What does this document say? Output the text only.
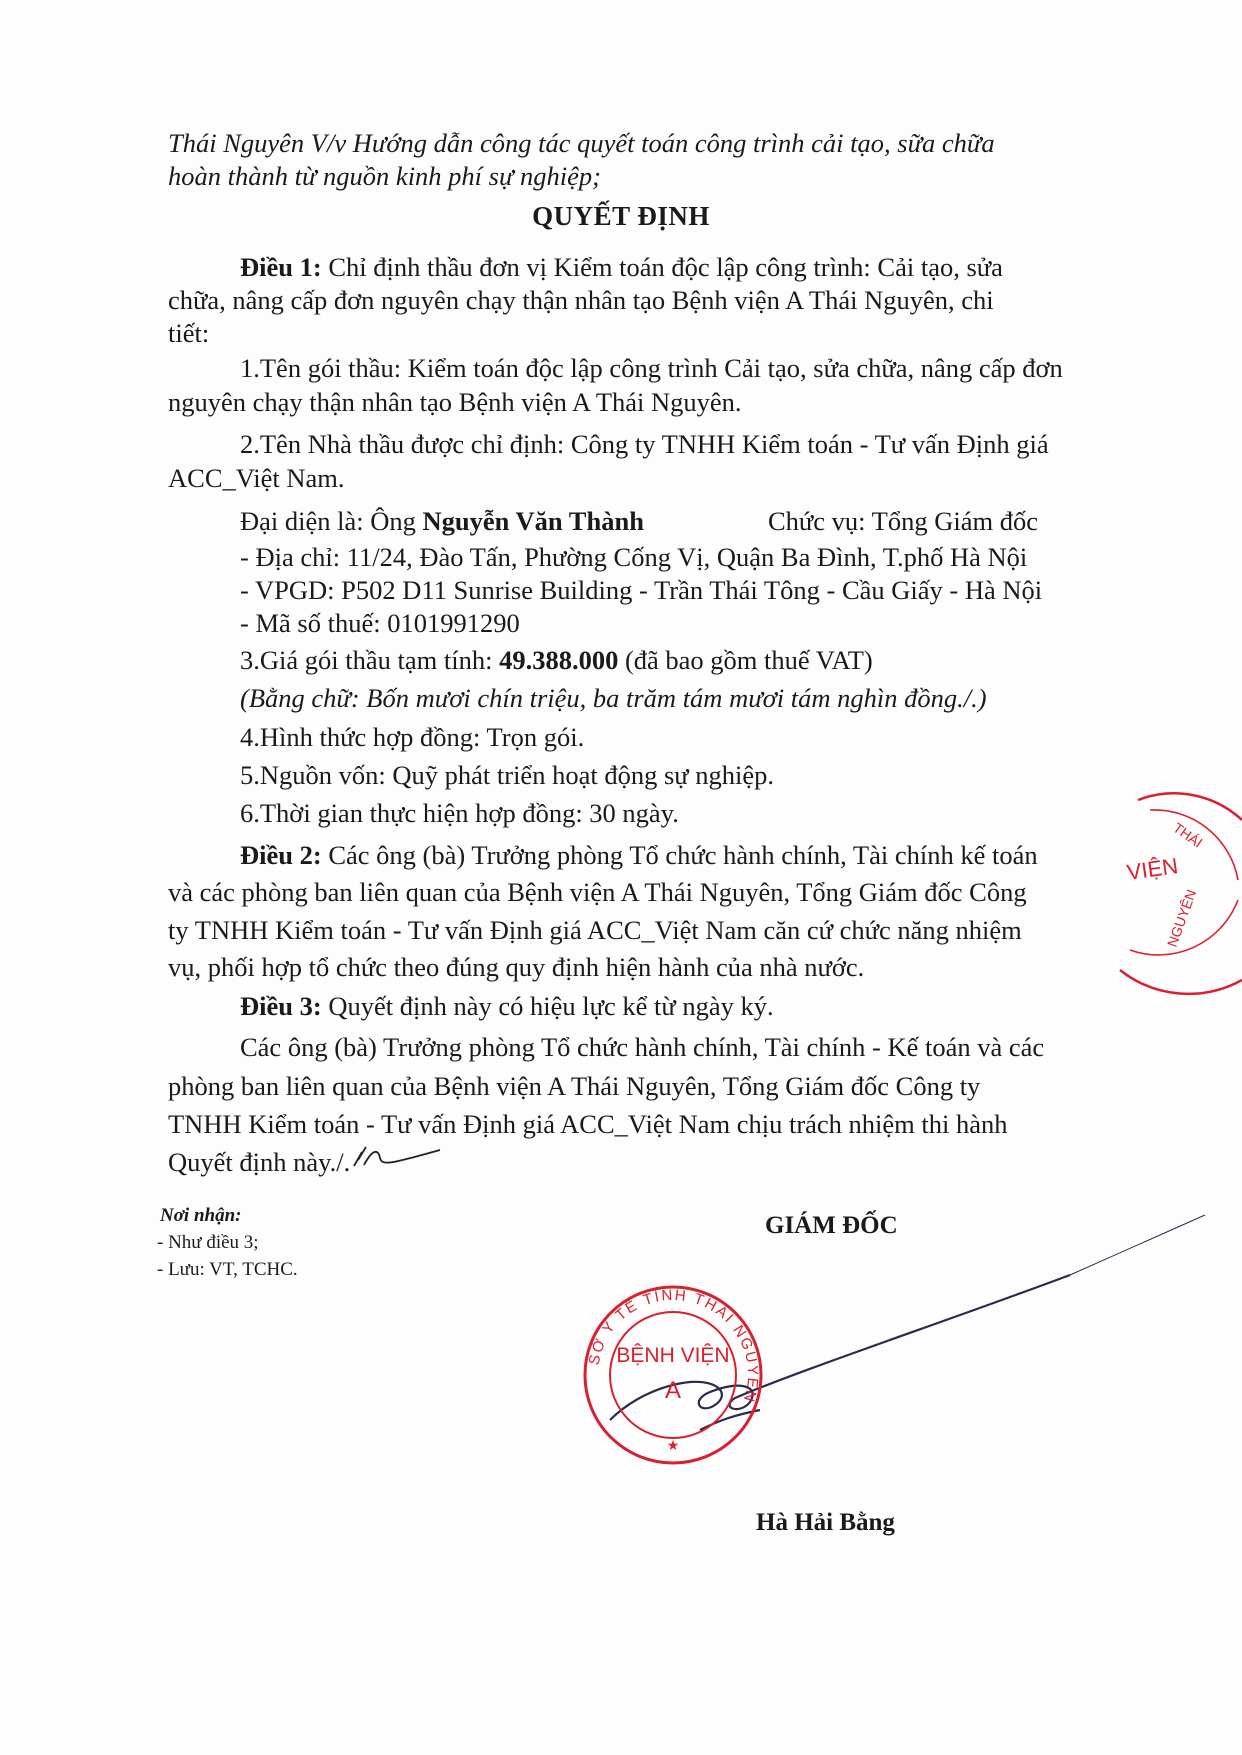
Thái Nguyên V/v Hướng dẫn công tác quyết toán công trình cải tạo, sữa chữa
hoàn thành từ nguồn kinh phí sự nghiệp;
QUYẾT ĐỊNH
Điều 1: Chỉ định thầu đơn vị Kiểm toán độc lập công trình: Cải tạo, sửa
chữa, nâng cấp đơn nguyên chạy thận nhân tạo Bệnh viện A Thái Nguyên, chi
tiết:
1.Tên gói thầu: Kiểm toán độc lập công trình Cải tạo, sửa chữa, nâng cấp đơn
nguyên chạy thận nhân tạo Bệnh viện A Thái Nguyên.
2.Tên Nhà thầu được chỉ định: Công ty TNHH Kiểm toán - Tư vấn Định giá
ACC_Việt Nam.
Đại diện là: Ông Nguyễn Văn Thành	Chức vụ: Tổng Giám đốc
- Địa chỉ: 11/24, Đào Tấn, Phường Cống Vị, Quận Ba Đình, T.phố Hà Nội
- VPGD: P502 D11 Sunrise Building - Trần Thái Tông - Cầu Giấy - Hà Nội
- Mã số thuế: 0101991290
3.Giá gói thầu tạm tính: 49.388.000 (đã bao gồm thuế VAT)
(Bằng chữ: Bốn mươi chín triệu, ba trăm tám mươi tám nghìn đồng./.)
4.Hình thức hợp đồng: Trọn gói.
5.Nguồn vốn: Quỹ phát triển hoạt động sự nghiệp.
6.Thời gian thực hiện hợp đồng: 30 ngày.
Điều 2: Các ông (bà) Trưởng phòng Tổ chức hành chính, Tài chính kế toán
và các phòng ban liên quan của Bệnh viện A Thái Nguyên, Tổng Giám đốc Công
ty TNHH Kiểm toán - Tư vấn Định giá ACC_Việt Nam căn cứ chức năng nhiệm
vụ, phối hợp tổ chức theo đúng quy định hiện hành của nhà nước.
Điều 3: Quyết định này có hiệu lực kể từ ngày ký.
Các ông (bà) Trưởng phòng Tổ chức hành chính, Tài chính - Kế toán và các
phòng ban liên quan của Bệnh viện A Thái Nguyên, Tổng Giám đốc Công ty
TNHH Kiểm toán - Tư vấn Định giá ACC_Việt Nam chịu trách nhiệm thi hành
Quyết định này./.
Nơi nhận:
- Như điều 3;
- Lưu: VT, TCHC.
GIÁM ĐỐC
Hà Hải Bằng
VIỆN
THÁI
NGUYÊN
SỞ Y TẾ TỈNH THÁI NGUYÊN
BỆNH VIỆN
A
★
